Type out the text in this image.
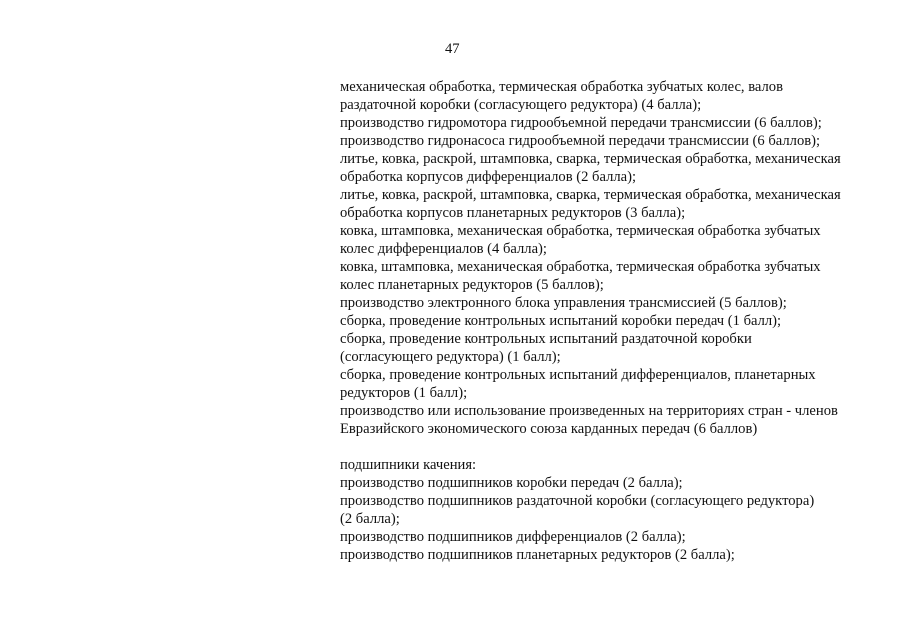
47

механическая обработка, термическая обработка зубчатых колес, валов

раздаточной коробки (согласующего редуктора) (4 балла);

производство гидромотора гидрообъемной передачи трансмиссии (6 баллов);

производство гидронасоса гидрообъемной передачи трансмиссии (6 баллов);

литье, ковка, раскрой, штамповка, сварка, термическая обработка, механическая

обработка корпусов дифференциалов (2 балла);

литье, ковка, раскрой, штамповка, сварка, термическая обработка, механическая

обработка корпусов планетарных редукторов (3 балла);

ковка, штамповка, механическая обработка, термическая обработка зубчатых

колес дифференциалов (4 балла);

ковка, штамповка, механическая обработка, термическая обработка зубчатых

колес планетарных редукторов (5 баллов);

производство электронного блока управления трансмиссией (5 баллов);

сборка, проведение контрольных испытаний коробки передач (1 балл);

сборка, проведение контрольных испытаний раздаточной коробки

(согласующего редуктора) (1 балл);

сборка, проведение контрольных испытаний дифференциалов, планетарных

редукторов (1 балл);

производство или использование произведенных на территориях стран - членов

Евразийского экономического союза карданных передач (6 баллов)

подшипники качения:

производство подшипников коробки передач (2 балла);

производство подшипников раздаточной коробки (согласующего редуктора)

(2 балла);

производство подшипников дифференциалов (2 балла);

производство подшипников планетарных редукторов (2 балла);
